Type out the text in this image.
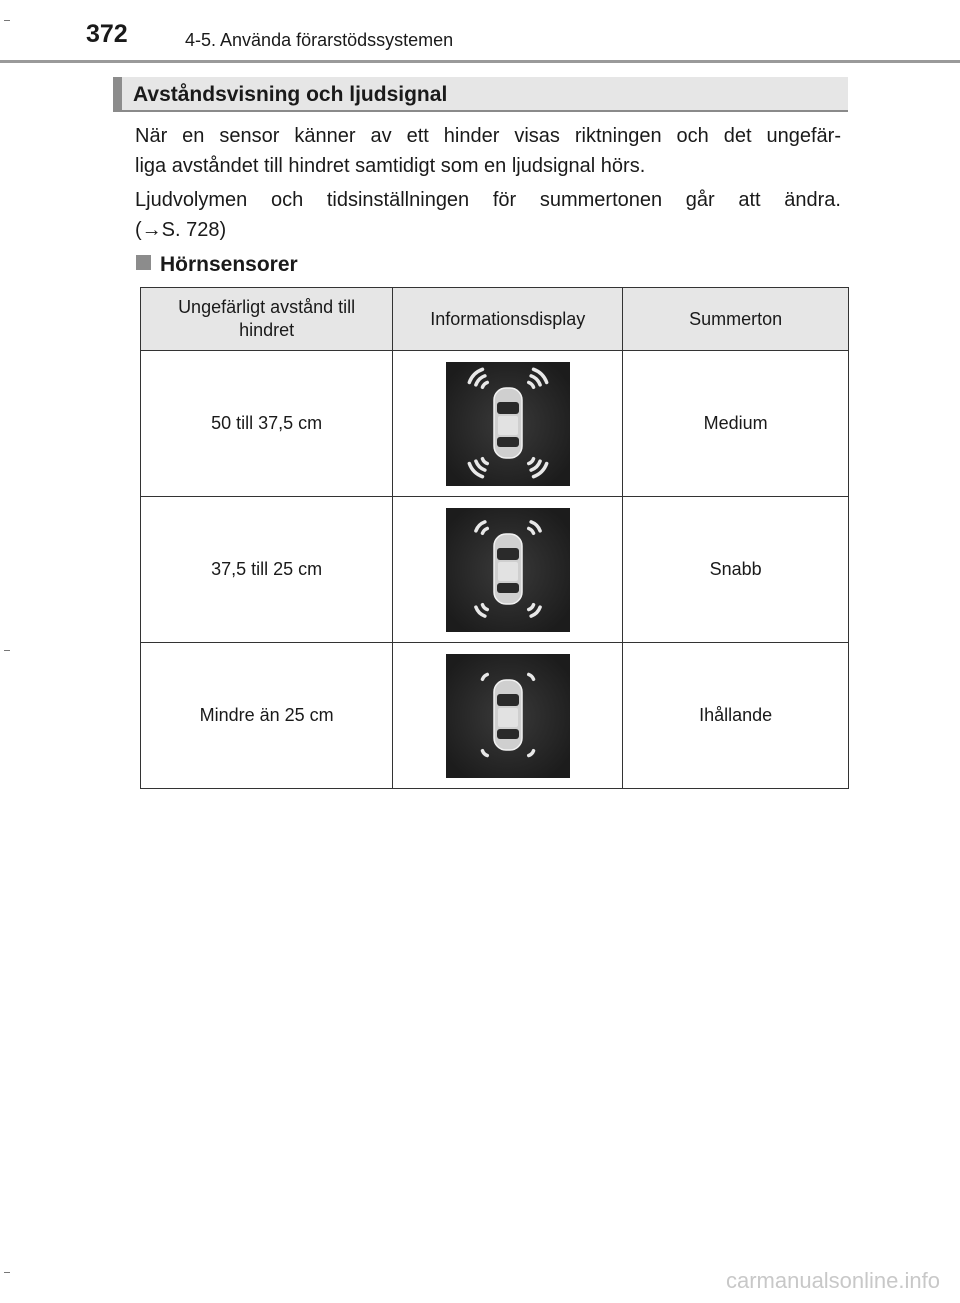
372	4-5. Använda förarstödssystemen
Avståndsvisning och ljudsignal
När en sensor känner av ett hinder visas riktningen och det ungefär-
liga avståndet till hindret samtidigt som en ljudsignal hörs.
Ljudvolymen och tidsinställningen för summertonen går att ändra.
(→S. 728)
Hörnsensorer
Ungefärligt avstånd till hindret	Informationsdisplay	Summerton
50 till 37,5 cm		Medium
37,5 till 25 cm		Snabb
Mindre än 25 cm		Ihållande
carmanualsonline.info
